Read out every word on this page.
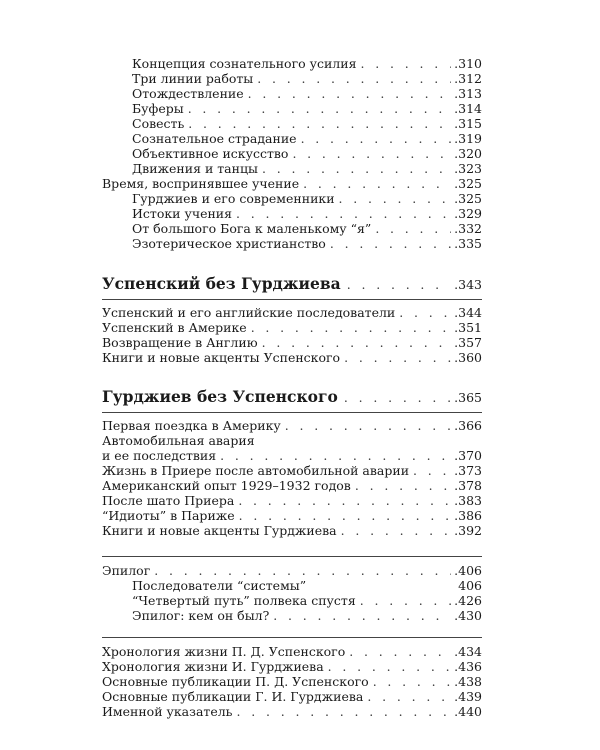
Концепция сознательного усилия . . .	.310
Три линии работы . . .	.312
Отождествление . . .	.313
Буферы . . .	.314
Совесть . . .	.315
Сознательное страдание . . .	.319
Объективное искусство . . .	.320
Движения и танцы . . .	.323
Время, воспринявшее учение . . .	.325
Гурджиев и его современники . . .	.325
Истоки учения . . .	.329
От большого Бога к маленькому “я” . . .	.332
Эзотерическое христианство . . .	.335
Успенский без Гурджиева . . .	.343
Успенский и его английские последователи . . .	.344
Успенский в Америке . . .	.351
Возвращение в Англию . . .	.357
Книги и новые акценты Успенского . . .	.360
Гурджиев без Успенского . . .	.365
Первая поездка в Америку . . .	.366
Автомобильная авария
и ее последствия . . .	.370
Жизнь в Приере после автомобильной аварии . . .	.373
Американский опыт 1929–1932 годов . . .	.378
После шато Приера . . .	.383
“Идиоты” в Париже . . .	.386
Книги и новые акценты Гурджиева . . .	.392
Эпилог . . .	.406
Последователи “системы”	406
“Четвертый путь” полвека спустя . . .	.426
Эпилог: кем он был? . . .	.430
Хронология жизни П. Д. Успенского . . .	.434
Хронология жизни И. Гурджиева . . .	.436
Основные публикации П. Д. Успенского . . .	.438
Основные публикации Г. И. Гурджиева . . .	.439
Именной указатель . . .	.440
